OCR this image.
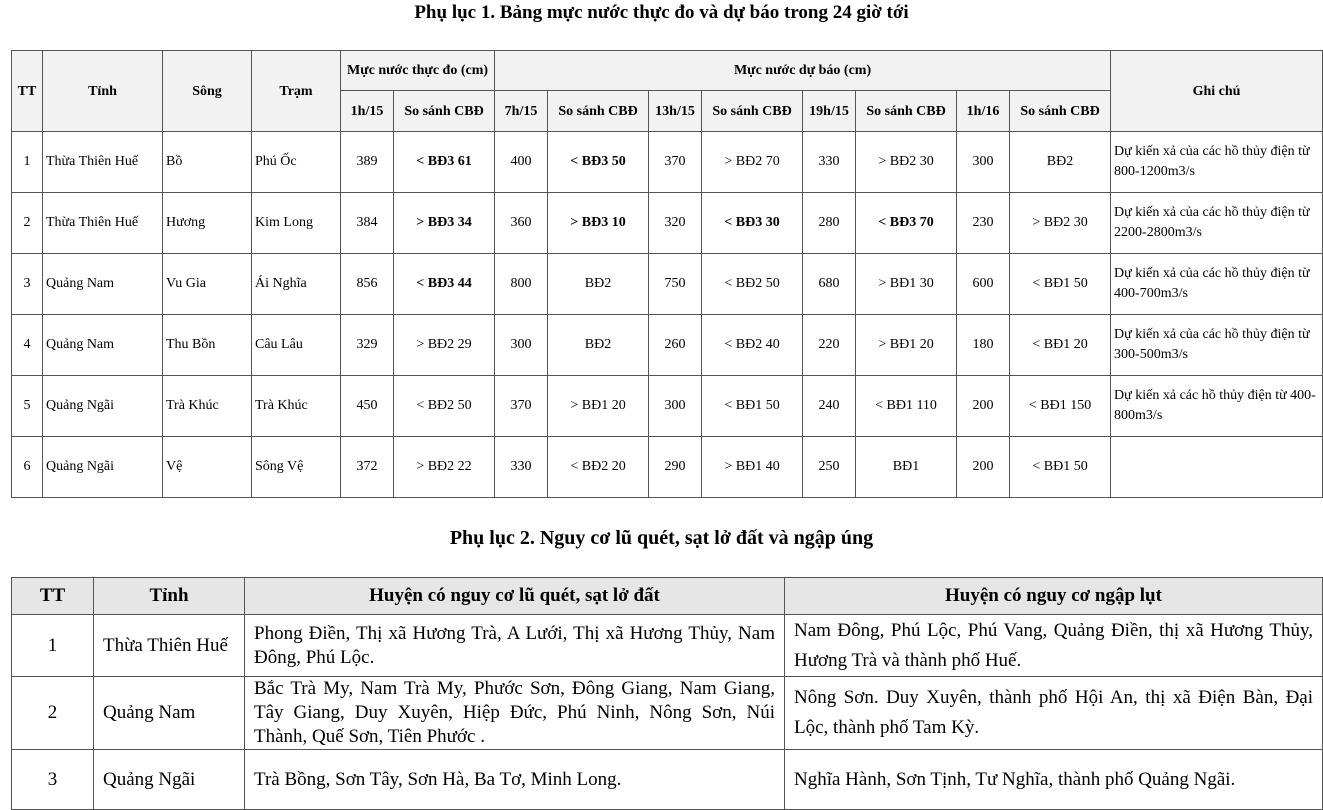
Phụ lục 1. Bảng mực nước thực đo và dự báo trong 24 giờ tới
TT	Tỉnh	Sông	Trạm	Mực nước thực đo (cm)		Mực nước dự báo (cm)								Ghi chú
				1h/15	So sánh CBĐ	7h/15	So sánh CBĐ	13h/15	So sánh CBĐ	19h/15	So sánh CBĐ	1h/16	So sánh CBĐ	
1	Thừa Thiên Huế	Bồ	Phú Ốc	389	< BĐ3 61	400	< BĐ3 50	370	> BĐ2 70	330	> BĐ2 30	300	BĐ2	Dự kiến xả của các hồ thủy điện từ 800-1200m3/s
2	Thừa Thiên Huế	Hương	Kim Long	384	> BĐ3 34	360	> BĐ3 10	320	< BĐ3 30	280	< BĐ3 70	230	> BĐ2 30	Dự kiến xả của các hồ thủy điện từ 2200-2800m3/s
3	Quảng Nam	Vu Gia	Ái Nghĩa	856	< BĐ3 44	800	BĐ2	750	< BĐ2 50	680	> BĐ1 30	600	< BĐ1 50	Dự kiến xả của các hồ thủy điện từ 400-700m3/s
4	Quảng Nam	Thu Bồn	Câu Lâu	329	> BĐ2 29	300	BĐ2	260	< BĐ2 40	220	> BĐ1 20	180	< BĐ1 20	Dự kiến xả của các hồ thủy điện từ 300-500m3/s
5	Quảng Ngãi	Trà Khúc	Trà Khúc	450	< BĐ2 50	370	> BĐ1 20	300	< BĐ1 50	240	< BĐ1 110	200	< BĐ1 150	Dự kiến xả các hồ thủy điện từ 400-800m3/s
6	Quảng Ngãi	Vệ	Sông Vệ	372	> BĐ2 22	330	< BĐ2 20	290	> BĐ1 40	250	BĐ1	200	< BĐ1 50	
Phụ lục 2. Nguy cơ lũ quét, sạt lở đất và ngập úng
TT	Tỉnh	Huyện có nguy cơ lũ quét, sạt lở đất	Huyện có nguy cơ ngập lụt
1	Thừa Thiên Huế	Phong Điền, Thị xã Hương Trà, A Lưới, Thị xã Hương Thủy, Nam Đông, Phú Lộc.	Nam Đông, Phú Lộc, Phú Vang, Quảng Điền, thị xã Hương Thủy, Hương Trà và thành phố Huế.
2	Quảng Nam	Bắc Trà My, Nam Trà My, Phước Sơn, Đông Giang, Nam Giang, Tây Giang, Duy Xuyên, Hiệp Đức, Phú Ninh, Nông Sơn, Núi Thành, Quế Sơn, Tiên Phước .	Nông Sơn. Duy Xuyên, thành phố Hội An, thị xã Điện Bàn, Đại Lộc, thành phố Tam Kỳ.
3	Quảng Ngãi	Trà Bồng, Sơn Tây, Sơn Hà, Ba Tơ, Minh Long.	Nghĩa Hành, Sơn Tịnh, Tư Nghĩa, thành phố Quảng Ngãi.
